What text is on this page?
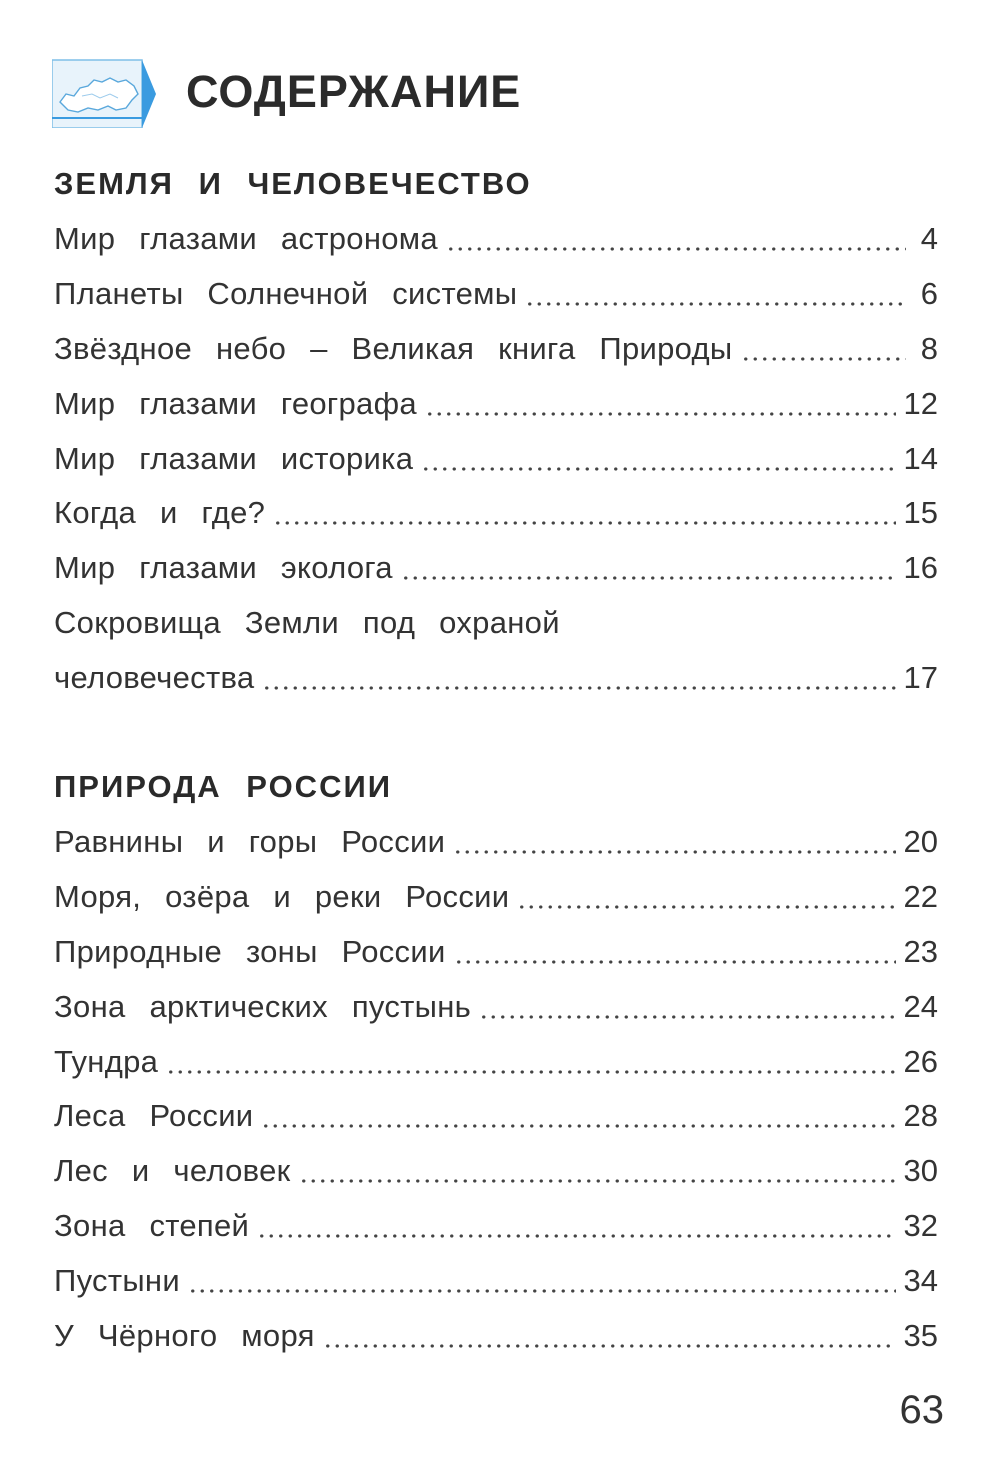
СОДЕРЖАНИЕ
ЗЕМЛЯ И ЧЕЛОВЕЧЕСТВО
Мир глазами астронома	4
Планеты Солнечной системы	6
Звёздное небо – Великая книга Природы	8
Мир глазами географа	12
Мир глазами историка	14
Когда и где?	15
Мир глазами эколога	16
Сокровища Земли под охраной
человечества	17
ПРИРОДА РОССИИ
Равнины и горы России	20
Моря, озёра и реки России	22
Природные зоны России	23
Зона арктических пустынь	24
Тундра	26
Леса России	28
Лес и человек	30
Зона степей	32
Пустыни	34
У Чёрного моря	35
63
